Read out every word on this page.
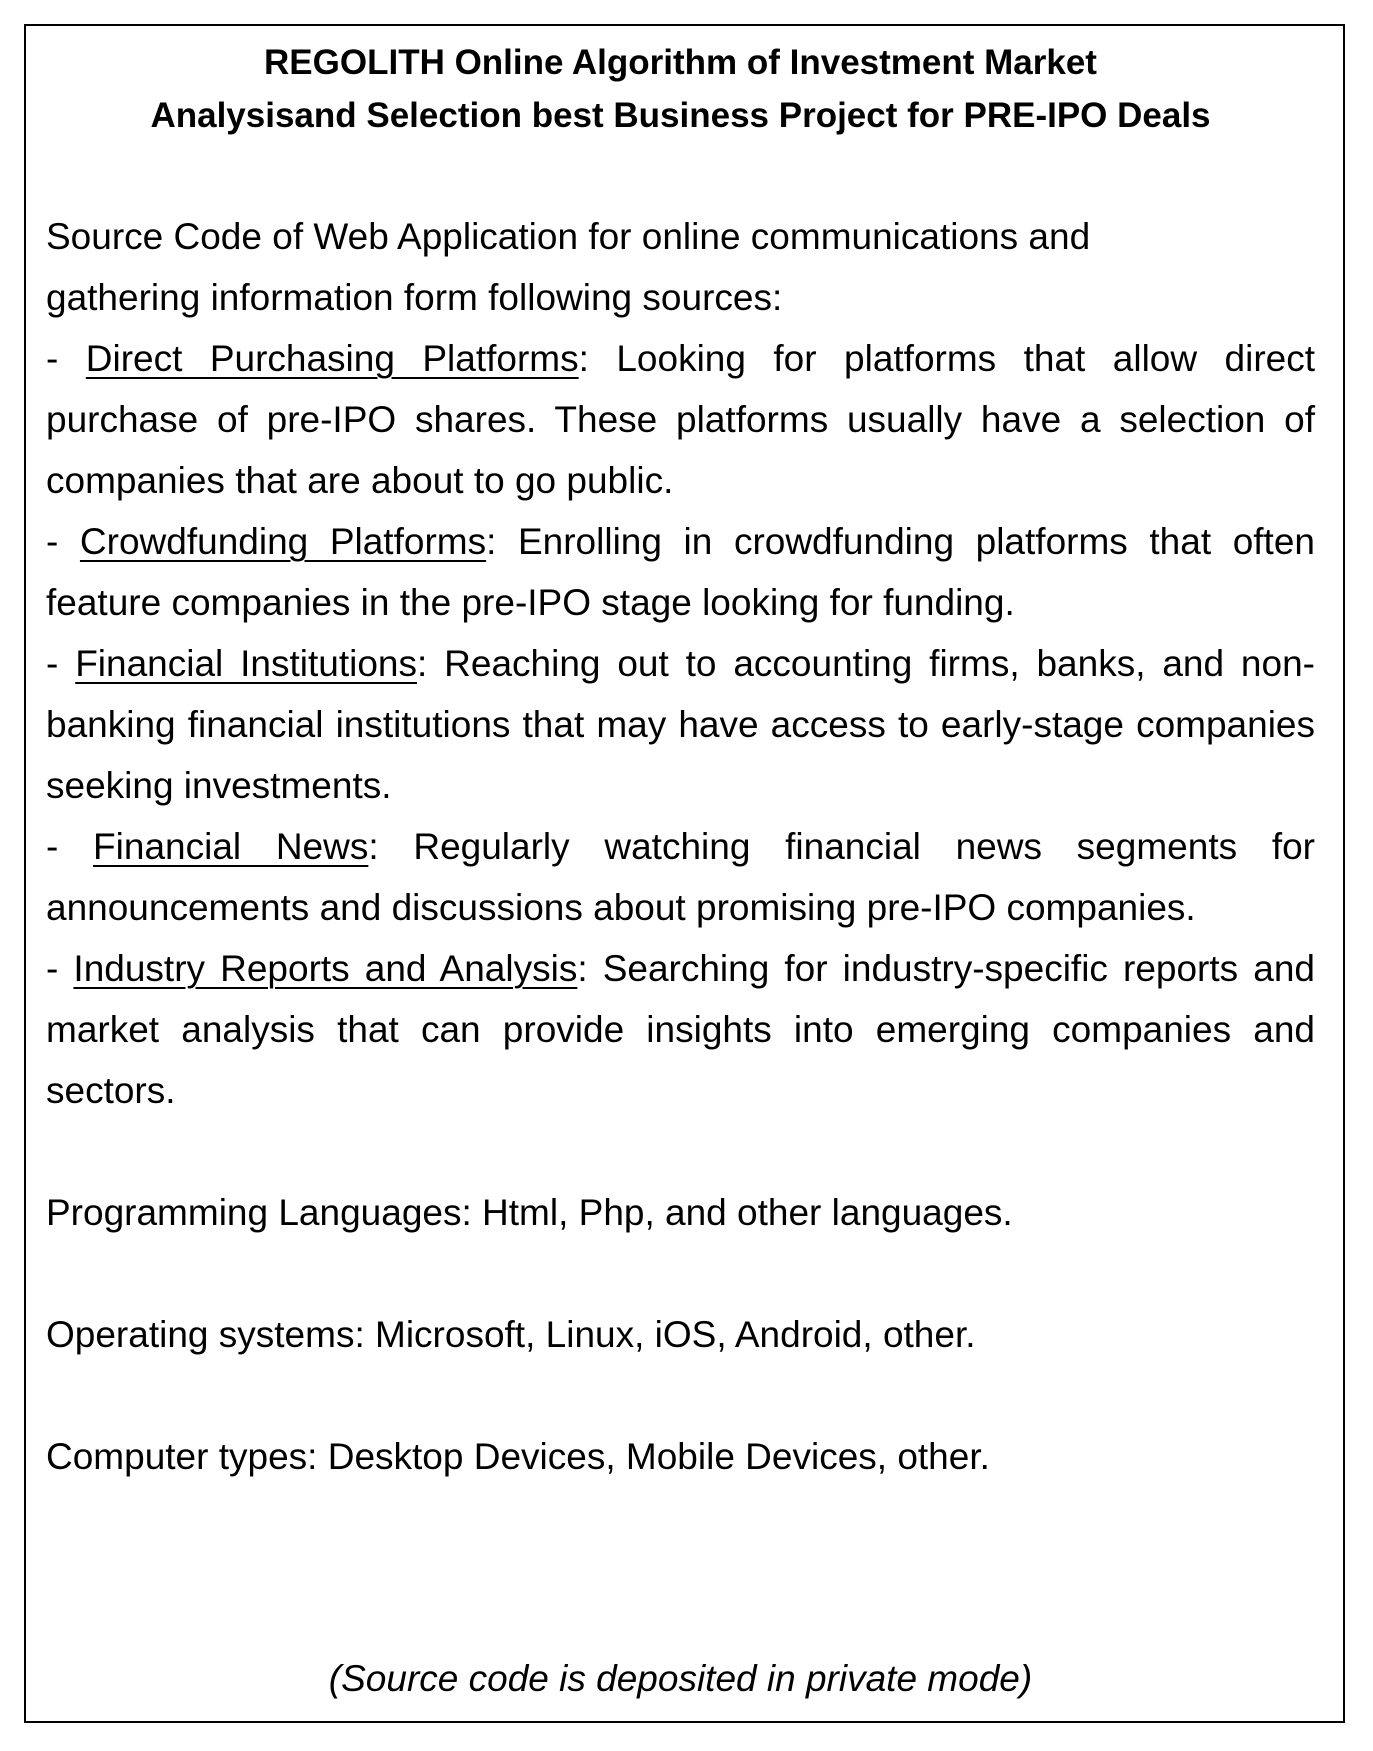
REGOLITH Online Algorithm of Investment Market
Analysisand Selection best Business Project for PRE-IPO Deals
Source Code of Web Application for online communications and
gathering information form following sources:
- Direct Purchasing Platforms: Looking for platforms that allow direct purchase of pre-IPO shares. These platforms usually have a selection of companies that are about to go public.
- Crowdfunding Platforms: Enrolling in crowdfunding platforms that often feature companies in the pre-IPO stage looking for funding.
- Financial Institutions: Reaching out to accounting firms, banks, and non-banking financial institutions that may have access to early-stage companies seeking investments.
- Financial News: Regularly watching financial news segments for announcements and discussions about promising pre-IPO companies.
- Industry Reports and Analysis: Searching for industry-specific reports and market analysis that can provide insights into emerging companies and sectors.
Programming Languages: Html, Php, and other languages.
Operating systems: Microsoft, Linux, iOS, Android, other.
Computer types: Desktop Devices, Mobile Devices, other.
(Source code is deposited in private mode)
